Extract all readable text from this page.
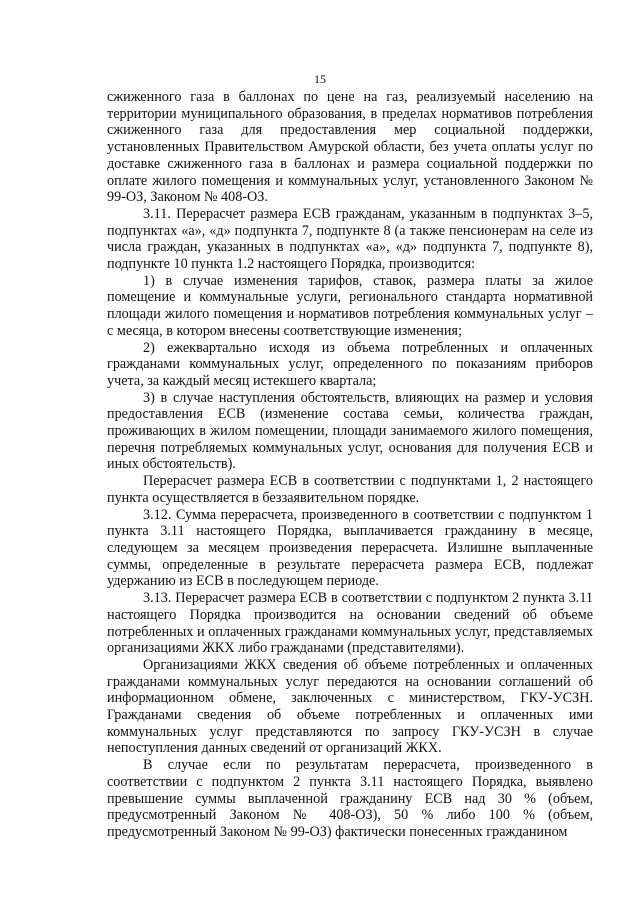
15

сжиженного газа в баллонах по цене на газ, реализуемый населению на территории муниципального образования, в пределах нормативов потребления сжиженного газа для предоставления мер социальной поддержки, установленных Правительством Амурской области, без учета оплаты услуг по доставке сжиженного газа в баллонах и размера социальной поддержки по оплате жилого помещения и коммунальных услуг, установленного Законом № 99-ОЗ, Законом № 408-ОЗ.

3.11. Перерасчет размера ЕСВ гражданам, указанным в подпунктах 3–5, подпунктах «а», «д» подпункта 7, подпункте 8 (а также пенсионерам на селе из числа граждан, указанных в подпунктах «а», «д» подпункта 7, подпункте 8), подпункте 10 пункта 1.2 настоящего Порядка, производится:

1) в случае изменения тарифов, ставок, размера платы за жилое помещение и коммунальные услуги, регионального стандарта нормативной площади жилого помещения и нормативов потребления коммунальных услуг – с месяца, в котором внесены соответствующие изменения;

2) ежеквартально исходя из объема потребленных и оплаченных гражданами коммунальных услуг, определенного по показаниям приборов учета, за каждый месяц истекшего квартала;

3) в случае наступления обстоятельств, влияющих на размер и условия предоставления ЕСВ (изменение состава семьи, количества граждан, проживающих в жилом помещении, площади занимаемого жилого помещения, перечня потребляемых коммунальных услуг, основания для получения ЕСВ и иных обстоятельств).

Перерасчет размера ЕСВ в соответствии с подпунктами 1, 2 настоящего пункта осуществляется в беззаявительном порядке.

3.12. Сумма перерасчета, произведенного в соответствии с подпунктом 1 пункта 3.11 настоящего Порядка, выплачивается гражданину в месяце, следующем за месяцем произведения перерасчета. Излишне выплаченные суммы, определенные в результате перерасчета размера ЕСВ, подлежат удержанию из ЕСВ в последующем периоде.

3.13. Перерасчет размера ЕСВ в соответствии с подпунктом 2 пункта 3.11 настоящего Порядка производится на основании сведений об объеме потребленных и оплаченных гражданами коммунальных услуг, представляемых организациями ЖКХ либо гражданами (представителями).

Организациями ЖКХ сведения об объеме потребленных и оплаченных гражданами коммунальных услуг передаются на основании соглашений об информационном обмене, заключенных с министерством, ГКУ-УСЗН. Гражданами сведения об объеме потребленных и оплаченных ими коммунальных услуг представляются по запросу ГКУ-УСЗН в случае непоступления данных сведений от организаций ЖКХ.

В случае если по результатам перерасчета, произведенного в соответствии с подпунктом 2 пункта 3.11 настоящего Порядка, выявлено превышение суммы выплаченной гражданину ЕСВ над 30 % (объем, предусмотренный Законом № 408-ОЗ), 50 % либо 100 % (объем, предусмотренный Законом № 99-ОЗ) фактически понесенных гражданином
